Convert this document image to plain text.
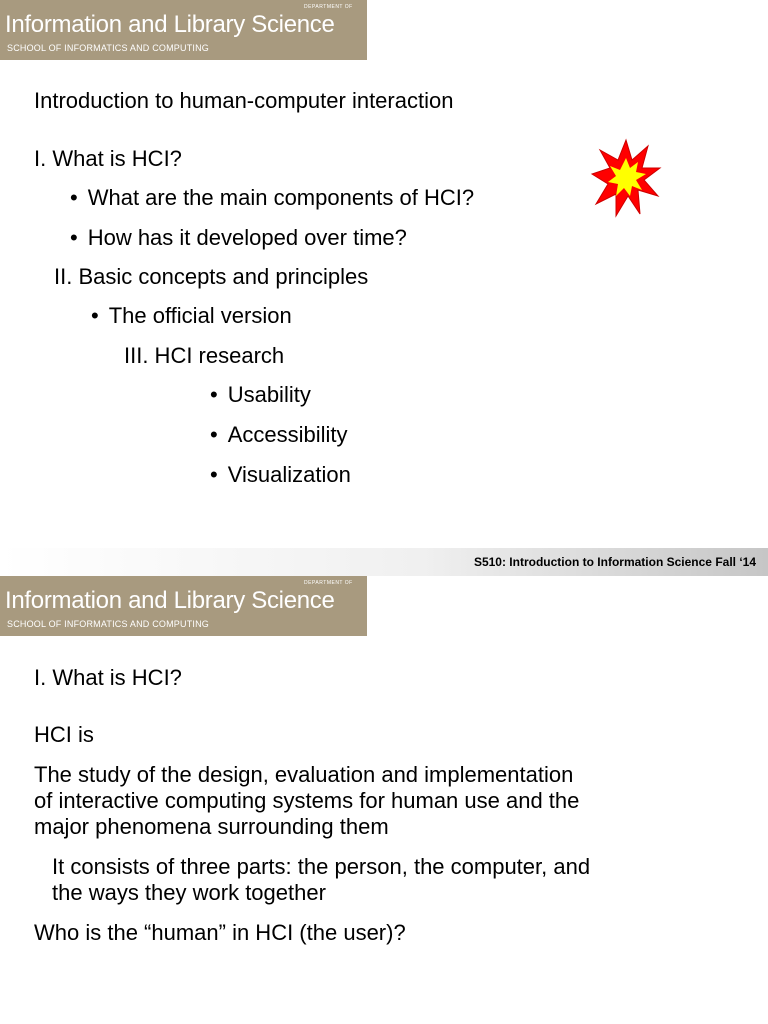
DEPARTMENT OF
Information and Library Science
SCHOOL OF INFORMATICS AND COMPUTING
Introduction to human-computer interaction
I. What is HCI?
• What are the main components of HCI?
• How has it developed over time?
II. Basic concepts and principles
• The official version
III. HCI research
• Usability
• Accessibility
• Visualization
S510: Introduction to Information Science Fall ‘14
DEPARTMENT OF
Information and Library Science
SCHOOL OF INFORMATICS AND COMPUTING
I. What is HCI?
HCI is
The study of the design, evaluation and implementation
of interactive computing systems for human use and the
major phenomena surrounding them
It consists of three parts: the person, the computer, and
the ways they work together
Who is the “human” in HCI (the user)?
